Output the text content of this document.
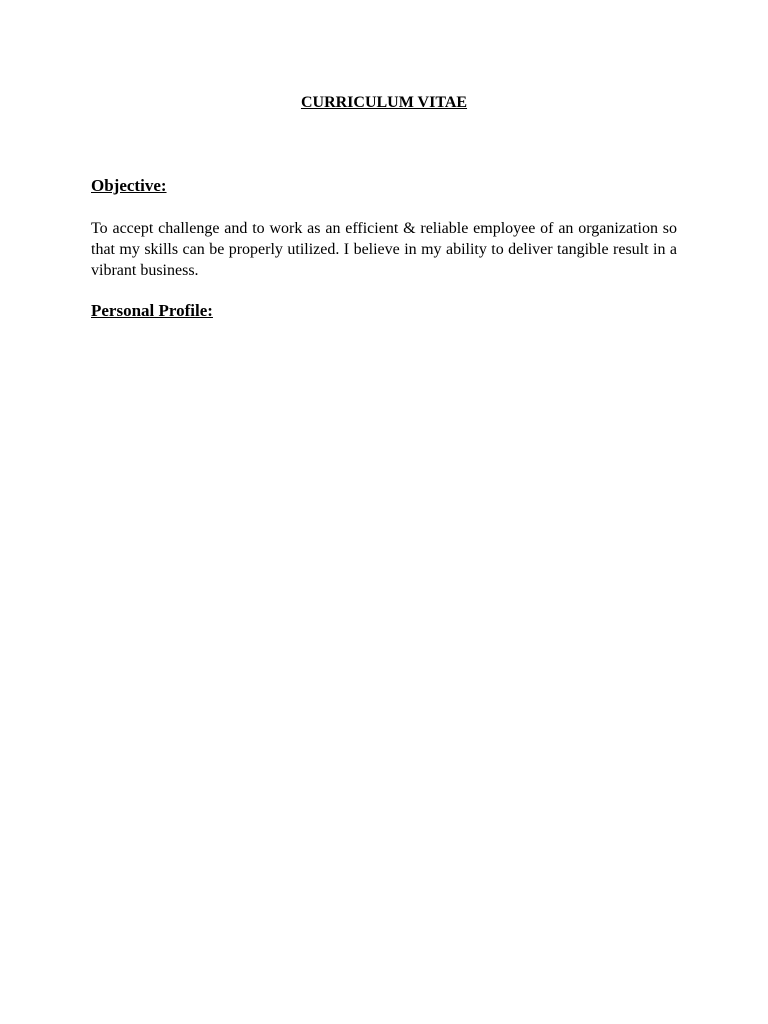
CURRICULUM VITAE
Objective:

To accept challenge and to work as an efficient & reliable employee of an organization so that my skills can be properly utilized. I believe in my ability to deliver tangible result in a vibrant business.

Personal Profile:
